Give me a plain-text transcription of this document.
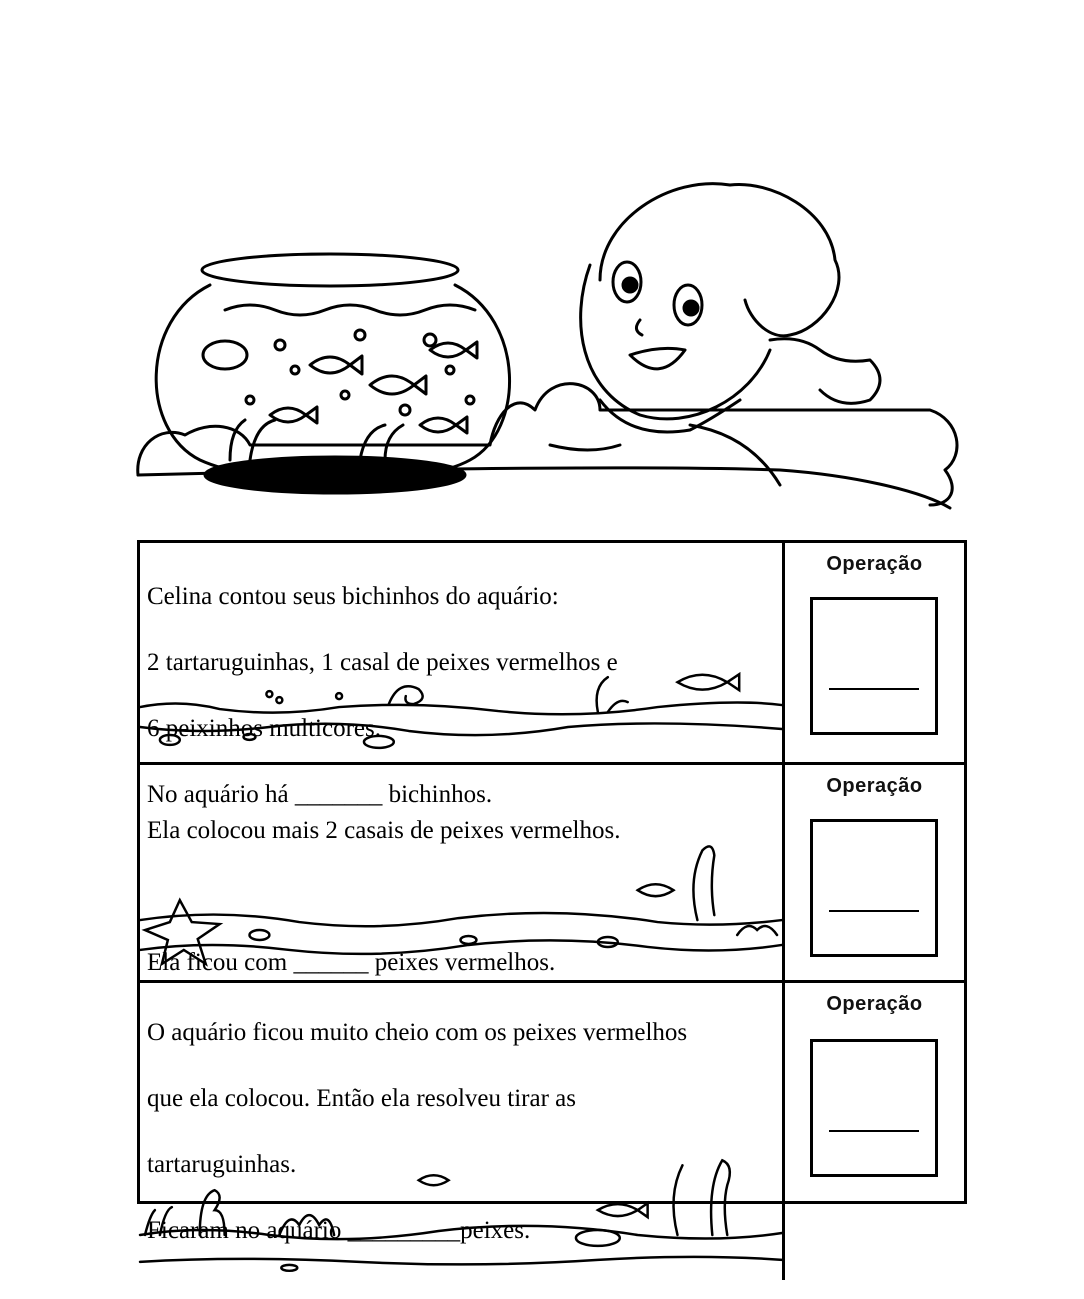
Celina contou seus bichinhos do aquário:

2 tartaruguinhas, 1 casal de peixes vermelhos e

6 peixinhos multicores.

No aquário há _______ bichinhos.

Operação

Ela colocou mais 2 casais de peixes vermelhos.

Ela ficou com ______ peixes vermelhos.

Operação

O aquário ficou muito cheio com os peixes vermelhos

que ela colocou. Então ela resolveu tirar as

tartaruguinhas.

Ficaram no aquário _________peixes.

Operação
